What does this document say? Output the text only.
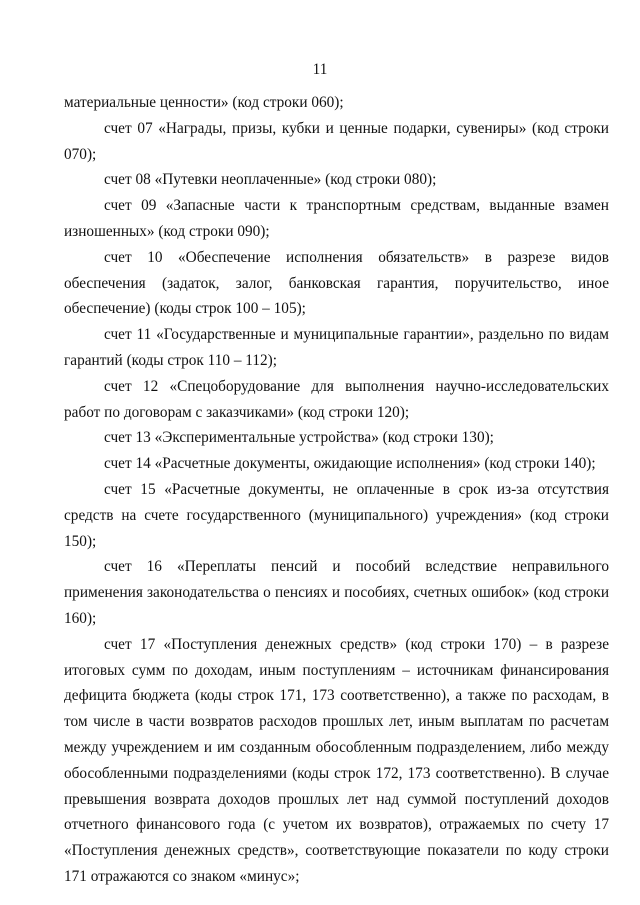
11

материальные ценности» (код строки 060);

счет 07 «Награды, призы, кубки и ценные подарки, сувениры» (код строки 070);

счет 08 «Путевки неоплаченные» (код строки 080);

счет 09 «Запасные части к транспортным средствам, выданные взамен изношенных» (код строки 090);

счет 10 «Обеспечение исполнения обязательств» в разрезе видов обеспечения (задаток, залог, банковская гарантия, поручительство, иное обеспечение) (коды строк 100 – 105);

счет 11 «Государственные и муниципальные гарантии», раздельно по видам гарантий (коды строк 110 – 112);

счет 12 «Спецоборудование для выполнения научно-исследовательских работ по договорам с заказчиками» (код строки 120);

счет 13 «Экспериментальные устройства» (код строки 130);

счет 14 «Расчетные документы, ожидающие исполнения» (код строки 140);

счет 15 «Расчетные документы, не оплаченные в срок из-за отсутствия средств на счете государственного (муниципального) учреждения» (код строки 150);

счет 16 «Переплаты пенсий и пособий вследствие неправильного применения законодательства о пенсиях и пособиях, счетных ошибок» (код строки 160);

счет 17 «Поступления денежных средств» (код строки 170) – в разрезе итоговых сумм по доходам, иным поступлениям – источникам финансирования дефицита бюджета (коды строк 171, 173 соответственно), а также по расходам, в том числе в части возвратов расходов прошлых лет, иным выплатам по расчетам между учреждением и им созданным обособленным подразделением, либо между обособленными подразделениями (коды строк 172, 173 соответственно). В случае превышения возврата доходов прошлых лет над суммой поступлений доходов отчетного финансового года (с учетом их возвратов), отражаемых по счету 17 «Поступления денежных средств», соответствующие показатели по коду строки 171 отражаются со знаком «минус»;
